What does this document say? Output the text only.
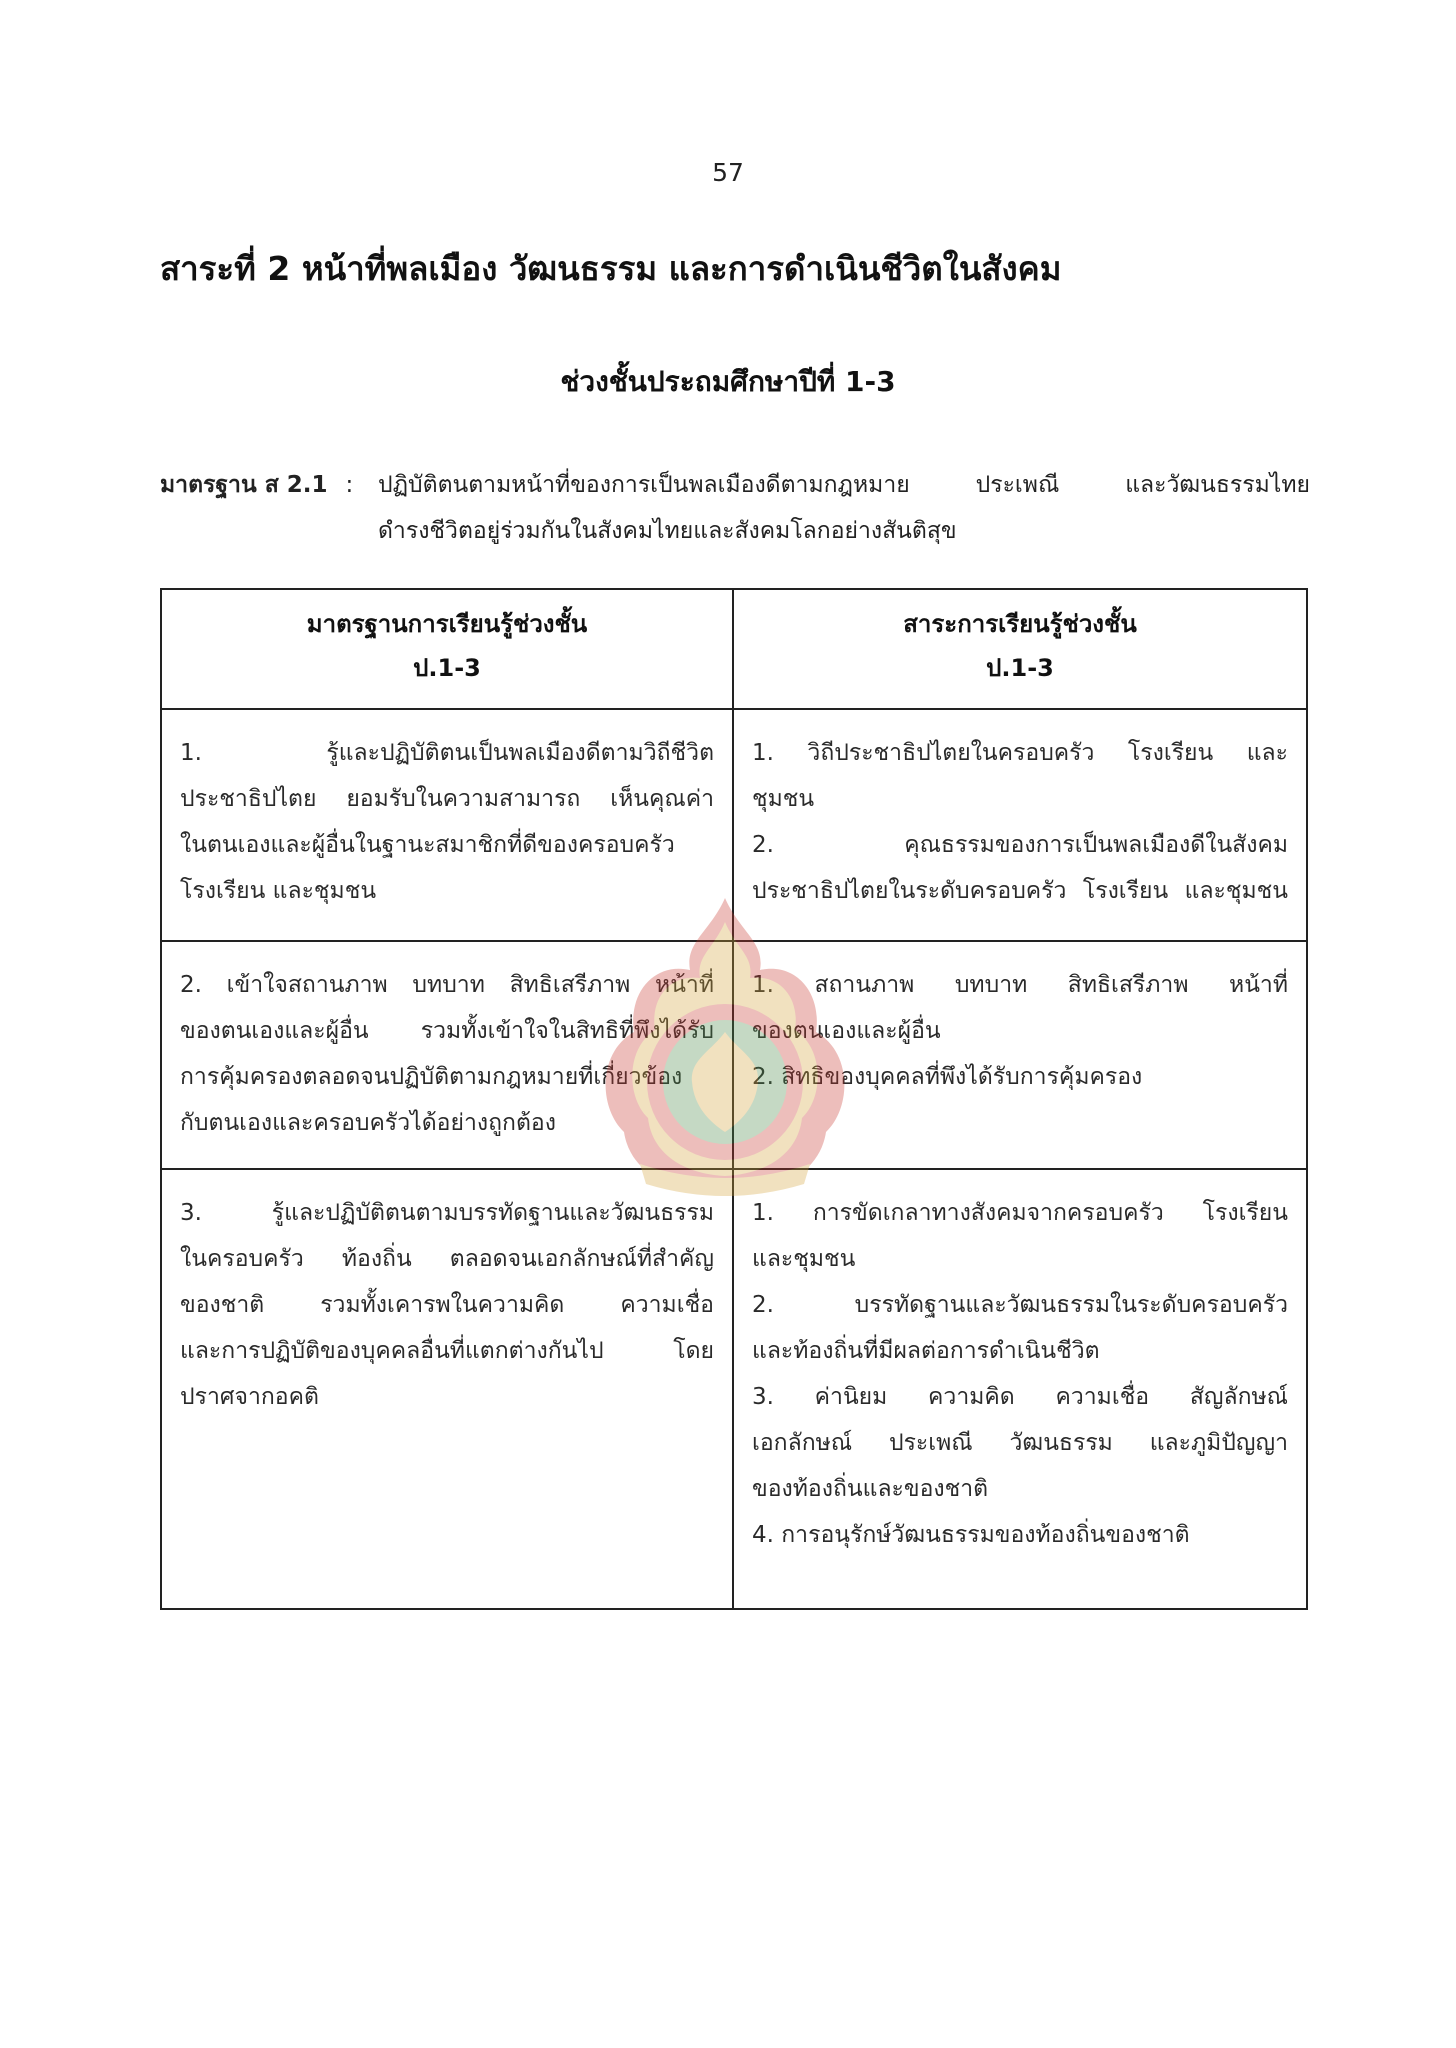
57
สาระที่ 2 หน้าที่พลเมือง วัฒนธรรม และการดำเนินชีวิตในสังคม
ช่วงชั้นประถมศึกษาปีที่ 1-3
มาตรฐาน ส 2.1 : ปฏิบัติตนตามหน้าที่ของการเป็นพลเมืองดีตามกฎหมาย ประเพณี และวัฒนธรรมไทย
ดำรงชีวิตอยู่ร่วมกันในสังคมไทยและสังคมโลกอย่างสันติสุข
มาตรฐานการเรียนรู้ช่วงชั้น
ป.1-3
สาระการเรียนรู้ช่วงชั้น
ป.1-3
1. รู้และปฏิบัติตนเป็นพลเมืองดีตามวิถีชีวิต
ประชาธิปไตย ยอมรับในความสามารถ เห็นคุณค่า
ในตนเองและผู้อื่นในฐานะสมาชิกที่ดีของครอบครัว
โรงเรียน และชุมชน
1. วิถีประชาธิปไตยในครอบครัว โรงเรียน และ
ชุมชน
2. คุณธรรมของการเป็นพลเมืองดีในสังคม
ประชาธิปไตยในระดับครอบครัว โรงเรียน และชุมชน
2. เข้าใจสถานภาพ บทบาท สิทธิเสรีภาพ หน้าที่
ของตนเองและผู้อื่น รวมทั้งเข้าใจในสิทธิที่พึงได้รับ
การคุ้มครองตลอดจนปฏิบัติตามกฎหมายที่เกี่ยวข้อง
กับตนเองและครอบครัวได้อย่างถูกต้อง
1. สถานภาพ บทบาท สิทธิเสรีภาพ หน้าที่
ของตนเองและผู้อื่น
2. สิทธิของบุคคลที่พึงได้รับการคุ้มครอง
3. รู้และปฏิบัติตนตามบรรทัดฐานและวัฒนธรรม
ในครอบครัว ท้องถิ่น ตลอดจนเอกลักษณ์ที่สำคัญ
ของชาติ รวมทั้งเคารพในความคิด ความเชื่อ
และการปฏิบัติของบุคคลอื่นที่แตกต่างกันไป โดย
ปราศจากอคติ
1. การขัดเกลาทางสังคมจากครอบครัว โรงเรียน
และชุมชน
2. บรรทัดฐานและวัฒนธรรมในระดับครอบครัว
และท้องถิ่นที่มีผลต่อการดำเนินชีวิต
3. ค่านิยม ความคิด ความเชื่อ สัญลักษณ์
เอกลักษณ์ ประเพณี วัฒนธรรม และภูมิปัญญา
ของท้องถิ่นและของชาติ
4. การอนุรักษ์วัฒนธรรมของท้องถิ่นของชาติ
